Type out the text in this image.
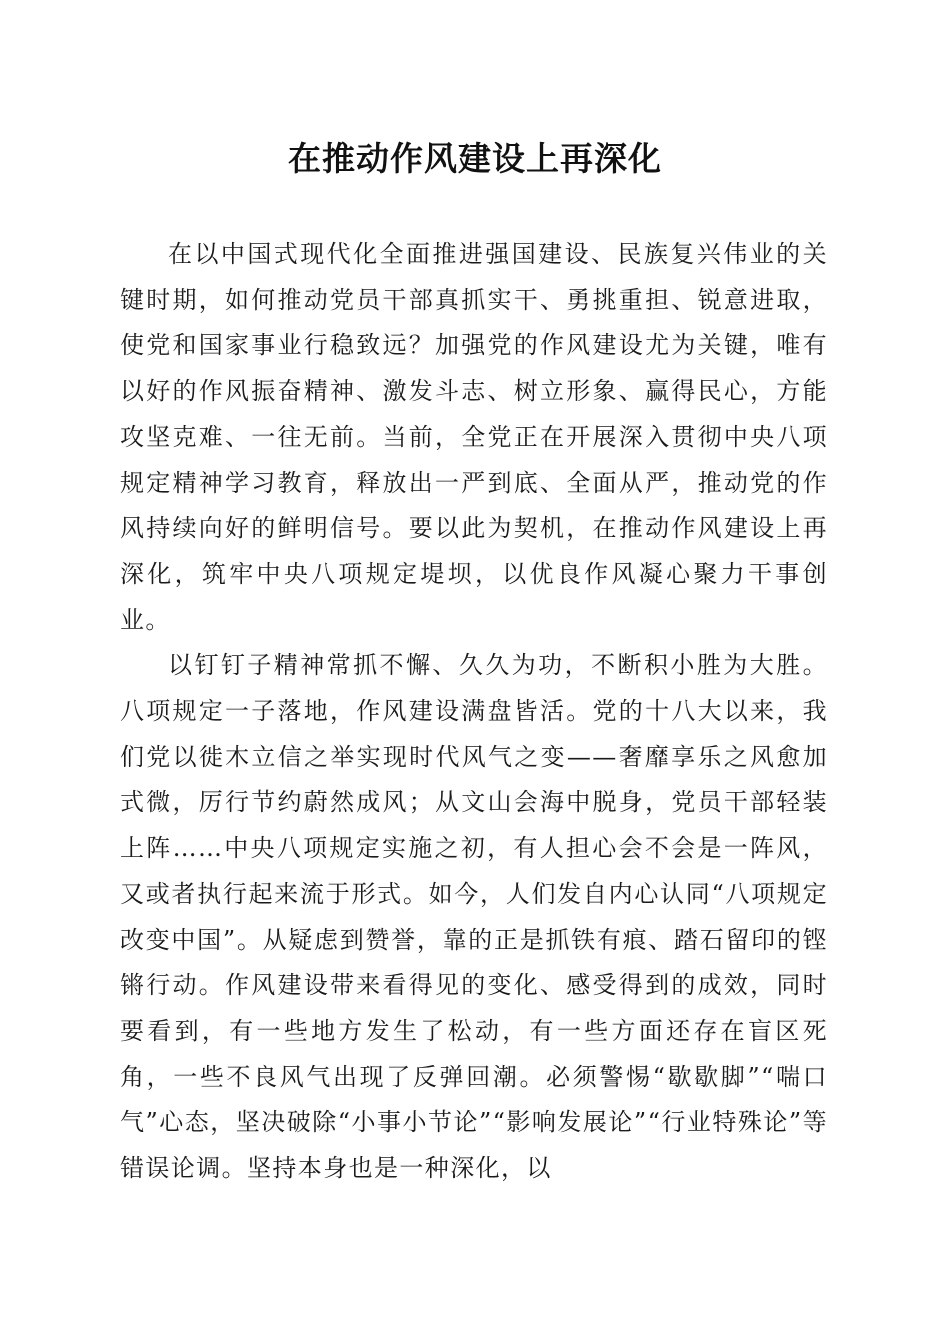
在推动作风建设上再深化

在以中国式现代化全面推进强国建设、民族复兴伟业的关键时期，如何推动党员干部真抓实干、勇挑重担、锐意进取，使党和国家事业行稳致远？加强党的作风建设尤为关键，唯有以好的作风振奋精神、激发斗志、树立形象、赢得民心，方能攻坚克难、一往无前。当前，全党正在开展深入贯彻中央八项规定精神学习教育，释放出一严到底、全面从严，推动党的作风持续向好的鲜明信号。要以此为契机，在推动作风建设上再深化，筑牢中央八项规定堤坝，以优良作风凝心聚力干事创业。

以钉钉子精神常抓不懈、久久为功，不断积小胜为大胜。八项规定一子落地，作风建设满盘皆活。党的十八大以来，我们党以徙木立信之举实现时代风气之变——奢靡享乐之风愈加式微，厉行节约蔚然成风；从文山会海中脱身，党员干部轻装上阵……中央八项规定实施之初，有人担心会不会是一阵风，又或者执行起来流于形式。如今，人们发自内心认同“八项规定改变中国”。从疑虑到赞誉，靠的正是抓铁有痕、踏石留印的铿锵行动。作风建设带来看得见的变化、感受得到的成效，同时要看到，有一些地方发生了松动，有一些方面还存在盲区死角，一些不良风气出现了反弹回潮。必须警惕“歇歇脚”“喘口气”心态，坚决破除“小事小节论”“影响发展论”“行业特殊论”等错误论调。坚持本身也是一种深化，以
